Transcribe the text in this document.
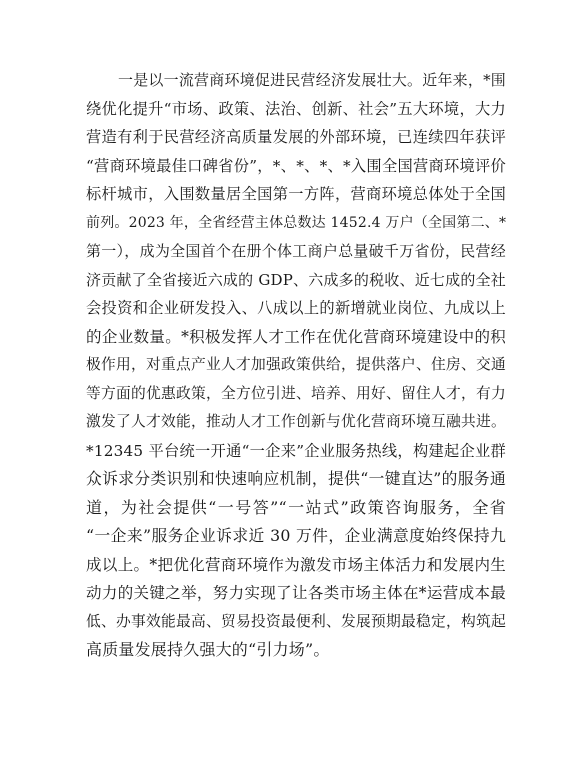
一是以一流营商环境促进民营经济发展壮大。近年来，*围
绕优化提升“市场、政策、法治、创新、社会”五大环境，大力
营造有利于民营经济高质量发展的外部环境，已连续四年获评
“营商环境最佳口碑省份”，*、*、*、*入围全国营商环境评价
标杆城市，入围数量居全国第一方阵，营商环境总体处于全国
前列。2023 年，全省经营主体总数达 1452.4 万户（全国第二、*
第一），成为全国首个在册个体工商户总量破千万省份，民营经
济贡献了全省接近六成的 GDP、六成多的税收、近七成的全社
会投资和企业研发投入、八成以上的新增就业岗位、九成以上
的企业数量。*积极发挥人才工作在优化营商环境建设中的积
极作用，对重点产业人才加强政策供给，提供落户、住房、交通
等方面的优惠政策，全方位引进、培养、用好、留住人才，有力
激发了人才效能，推动人才工作创新与优化营商环境互融共进。
*12345 平台统一开通“一企来”企业服务热线，构建起企业群
众诉求分类识别和快速响应机制，提供“一键直达”的服务通
道，为社会提供“一号答”“一站式”政策咨询服务，全省
“一企来”服务企业诉求近 30 万件，企业满意度始终保持九
成以上。*把优化营商环境作为激发市场主体活力和发展内生
动力的关键之举，努力实现了让各类市场主体在*运营成本最
低、办事效能最高、贸易投资最便利、发展预期最稳定，构筑起
高质量发展持久强大的“引力场”。
